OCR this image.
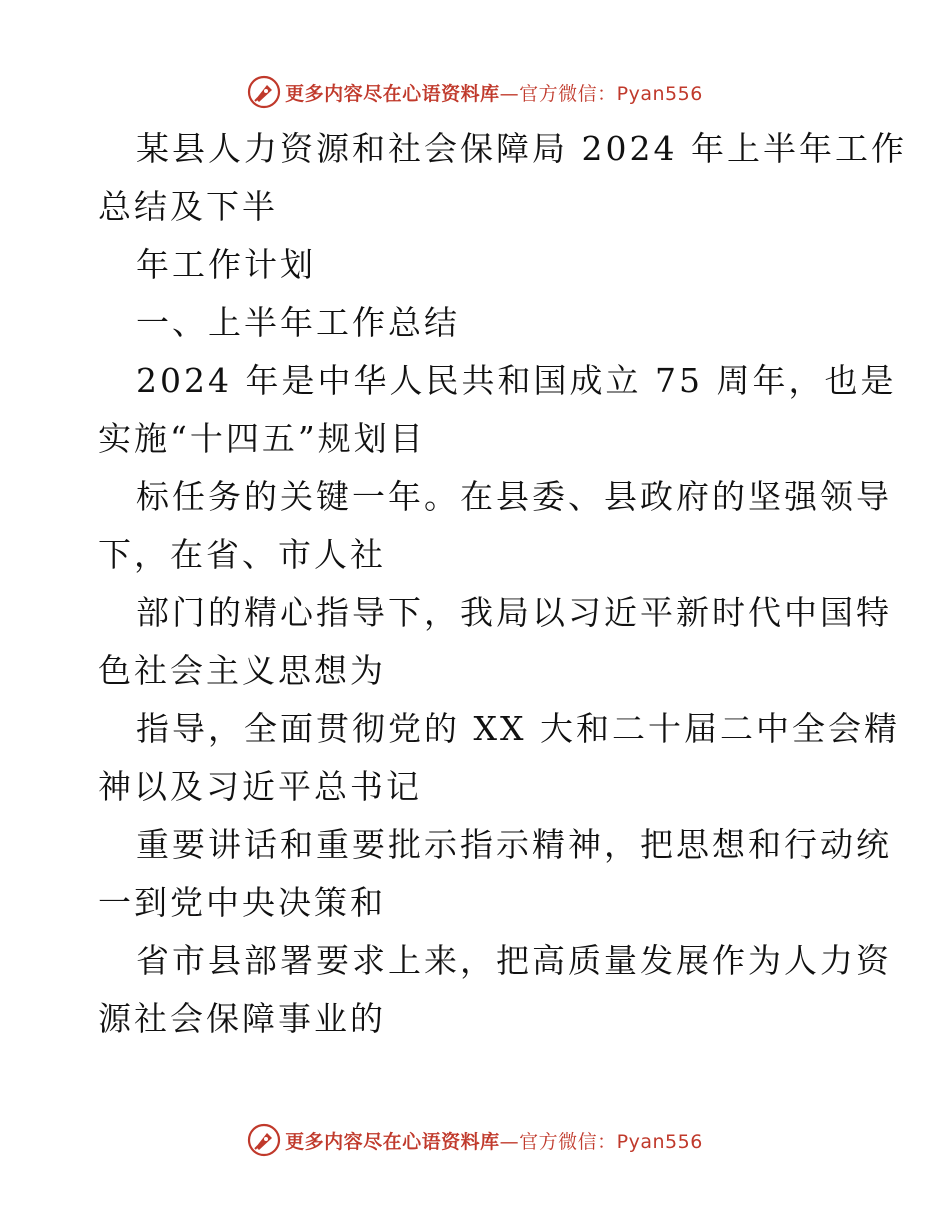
更多内容尽在心语资料库—官方微信：Pyan556
某县人力资源和社会保障局 2024 年上半年工作
总结及下半
年工作计划
一、上半年工作总结
2024 年是中华人民共和国成立 75 周年，也是
实施“十四五”规划目
标任务的关键一年。在县委、县政府的坚强领导
下，在省、市人社
部门的精心指导下，我局以习近平新时代中国特
色社会主义思想为
指导，全面贯彻党的 XX 大和二十届二中全会精
神以及习近平总书记
重要讲话和重要批示指示精神，把思想和行动统
一到党中央决策和
省市县部署要求上来，把高质量发展作为人力资
源社会保障事业的
更多内容尽在心语资料库—官方微信：Pyan556
